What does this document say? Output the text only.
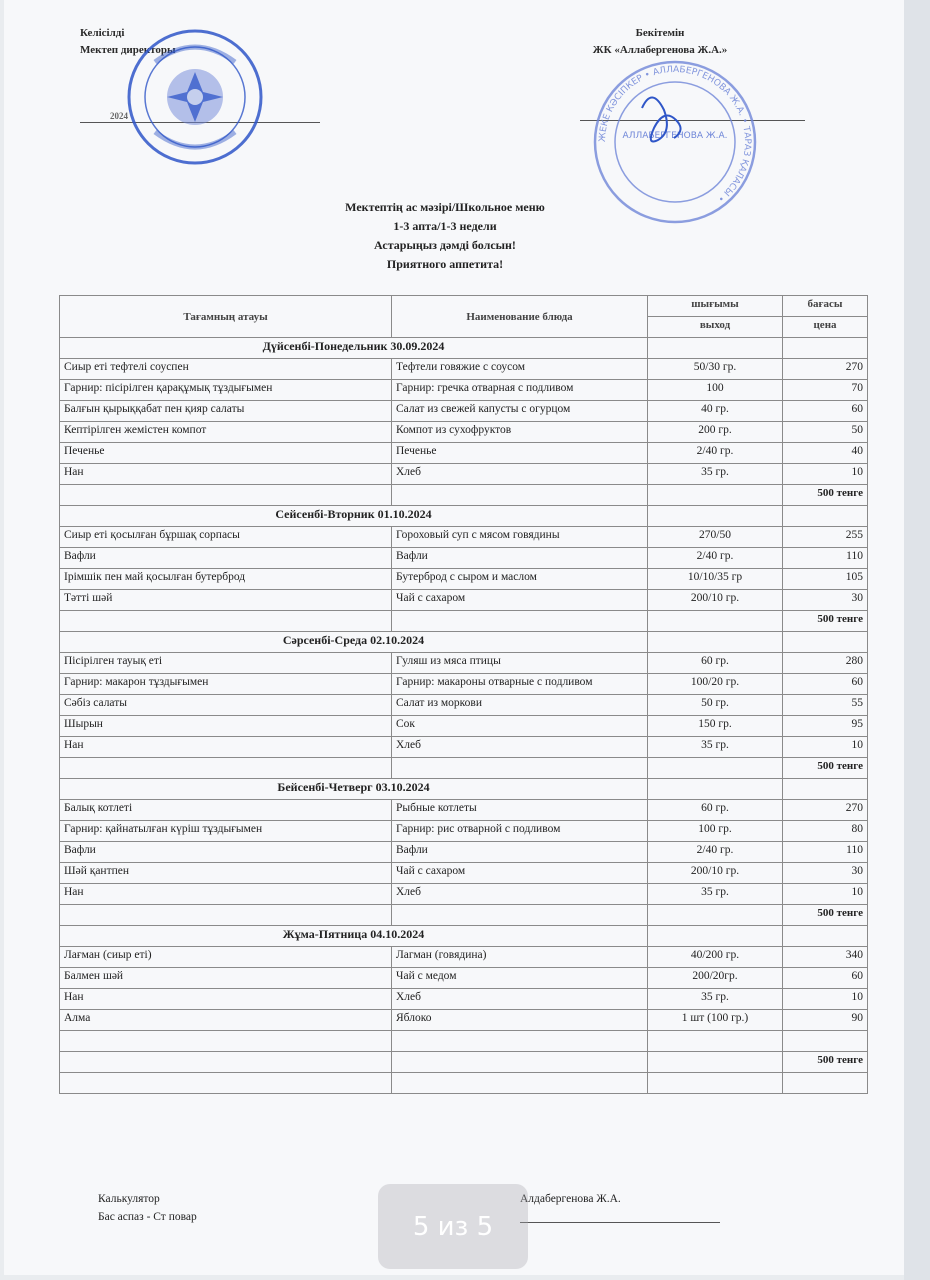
Келісілді
Мектеп директоры
2024
Бекітемін
ЖК «Аллабергенова Ж.А.»
ЖЕКЕ КӘСІПКЕР • АЛЛАБЕРГЕНОВА Ж.А. • ТАРАЗ ҚАЛАСЫ •
АЛЛАБЕРГЕНОВА Ж.А.
Мектептің ас мәзірі/Школьное меню
1-3 апта/1-3 недели
Астарыңыз дәмді болсын!
Приятного аппетита!
Тағамның атауы	Наименование блюда	шығымы	бағасы
		выход	цена
Дүйсенбі-Понедельник 30.09.2024			
Сиыр еті тефтелі соуспен	Тефтели говяжие с соусом	50/30 гр.	270
Гарнир: пісірілген қарақұмық тұздығымен	Гарнир: гречка отварная с подливом	100	70
Балғын қырыққабат пен қияр салаты	Салат из свежей капусты с огурцом	40 гр.	60
Кептірілген жемістен компот	Компот из сухофруктов	200 гр.	50
Печенье	Печенье	2/40 гр.	40
Нан	Хлеб	35 гр.	10
			500 тенге
Сейсенбі-Вторник 01.10.2024			
Сиыр еті қосылған бұршақ сорпасы	Гороховый суп с мясом говядины	270/50	255
Вафли	Вафли	2/40 гр.	110
Ірімшік пен май қосылған бутерброд	Бутерброд с сыром и маслом	10/10/35 гр	105
Тәтті шәй	Чай с сахаром	200/10 гр.	30
			500 тенге
Сәрсенбі-Среда 02.10.2024			
Пісірілген тауық еті	Гуляш из мяса птицы	60 гр.	280
Гарнир: макарон тұздығымен	Гарнир: макароны отварные с подливом	100/20 гр.	60
Сәбіз салаты	Салат из моркови	50 гр.	55
Шырын	Сок	150 гр.	95
Нан	Хлеб	35 гр.	10
			500 тенге
Бейсенбі-Четверг 03.10.2024			
Балық котлеті	Рыбные котлеты	60 гр.	270
Гарнир: қайнатылған күріш тұздығымен	Гарнир: рис отварной с подливом	100 гр.	80
Вафли	Вафли	2/40 гр.	110
Шәй қантпен	Чай с сахаром	200/10 гр.	30
Нан	Хлеб	35 гр.	10
			500 тенге
Жұма-Пятница 04.10.2024			
Лағман (сиыр еті)	Лагман (говядина)	40/200 гр.	340
Балмен шәй	Чай с медом	200/20гр.	60
Нан	Хлеб	35 гр.	10
Алма	Яблоко	1 шт (100 гр.)	90

			500 тенге

Калькулятор
Бас аспаз - Ст повар
Алдабергенова Ж.А.
5 из 5
